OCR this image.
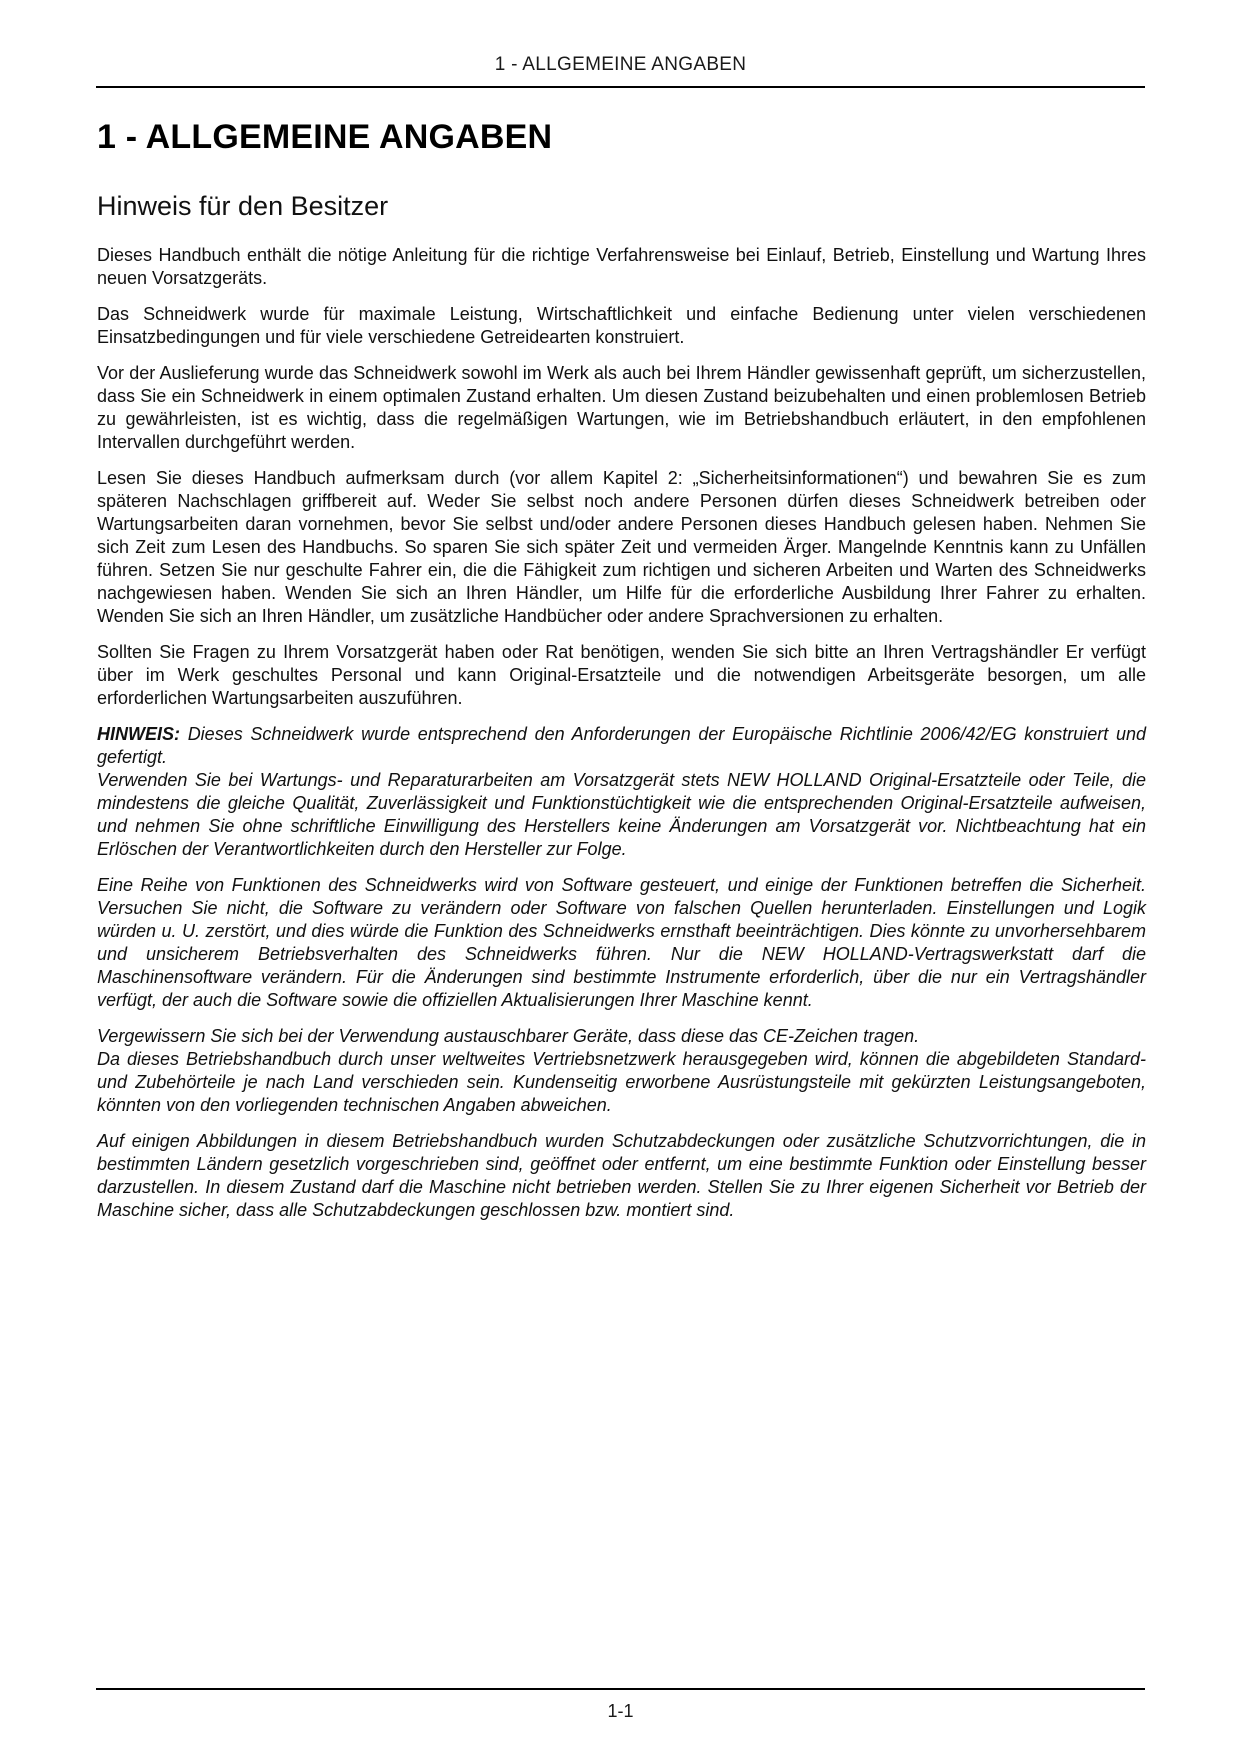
1 - ALLGEMEINE ANGABEN
1 - ALLGEMEINE ANGABEN
Hinweis für den Besitzer

Dieses Handbuch enthält die nötige Anleitung für die richtige Verfahrensweise bei Einlauf, Betrieb, Einstellung und Wartung Ihres neuen Vorsatzgeräts.

Das Schneidwerk wurde für maximale Leistung, Wirtschaftlichkeit und einfache Bedienung unter vielen verschiedenen Einsatzbedingungen und für viele verschiedene Getreidearten konstruiert.

Vor der Auslieferung wurde das Schneidwerk sowohl im Werk als auch bei Ihrem Händler gewissenhaft geprüft, um sicherzustellen, dass Sie ein Schneidwerk in einem optimalen Zustand erhalten. Um diesen Zustand beizubehalten und einen problemlosen Betrieb zu gewährleisten, ist es wichtig, dass die regelmäßigen Wartungen, wie im Betriebshandbuch erläutert, in den empfohlenen Intervallen durchgeführt werden.

Lesen Sie dieses Handbuch aufmerksam durch (vor allem Kapitel 2: „Sicherheitsinformationen“) und bewahren Sie es zum späteren Nachschlagen griffbereit auf. Weder Sie selbst noch andere Personen dürfen dieses Schneidwerk betreiben oder Wartungsarbeiten daran vornehmen, bevor Sie selbst und/oder andere Personen dieses Handbuch gelesen haben. Nehmen Sie sich Zeit zum Lesen des Handbuchs. So sparen Sie sich später Zeit und vermeiden Ärger. Mangelnde Kenntnis kann zu Unfällen führen. Setzen Sie nur geschulte Fahrer ein, die die Fähigkeit zum richtigen und sicheren Arbeiten und Warten des Schneidwerks nachgewiesen haben. Wenden Sie sich an Ihren Händler, um Hilfe für die erforderliche Ausbildung Ihrer Fahrer zu erhalten. Wenden Sie sich an Ihren Händler, um zusätzliche Handbücher oder andere Sprachversionen zu erhalten.

Sollten Sie Fragen zu Ihrem Vorsatzgerät haben oder Rat benötigen, wenden Sie sich bitte an Ihren Vertragshändler Er verfügt über im Werk geschultes Personal und kann Original-Ersatzteile und die notwendigen Arbeitsgeräte besorgen, um alle erforderlichen Wartungsarbeiten auszuführen.

HINWEIS: Dieses Schneidwerk wurde entsprechend den Anforderungen der Europäische Richtlinie 2006/42/EG konstruiert und gefertigt.
Verwenden Sie bei Wartungs- und Reparaturarbeiten am Vorsatzgerät stets NEW HOLLAND Original-Ersatzteile oder Teile, die mindestens die gleiche Qualität, Zuverlässigkeit und Funktionstüchtigkeit wie die entsprechenden Original-Ersatzteile aufweisen, und nehmen Sie ohne schriftliche Einwilligung des Herstellers keine Änderungen am Vorsatzgerät vor. Nichtbeachtung hat ein Erlöschen der Verantwortlichkeiten durch den Hersteller zur Folge.

Eine Reihe von Funktionen des Schneidwerks wird von Software gesteuert, und einige der Funktionen betreffen die Sicherheit. Versuchen Sie nicht, die Software zu verändern oder Software von falschen Quellen herunterladen. Einstellungen und Logik würden u. U. zerstört, und dies würde die Funktion des Schneidwerks ernsthaft beeinträchtigen. Dies könnte zu unvorhersehbarem und unsicherem Betriebsverhalten des Schneidwerks führen. Nur die NEW HOLLAND-Vertragswerkstatt darf die Maschinensoftware verändern. Für die Änderungen sind bestimmte Instrumente erforderlich, über die nur ein Vertragshändler verfügt, der auch die Software sowie die offiziellen Aktualisierungen Ihrer Maschine kennt.

Vergewissern Sie sich bei der Verwendung austauschbarer Geräte, dass diese das CE-Zeichen tragen.
Da dieses Betriebshandbuch durch unser weltweites Vertriebsnetzwerk herausgegeben wird, können die abgebildeten Standard- und Zubehörteile je nach Land verschieden sein. Kundenseitig erworbene Ausrüstungsteile mit gekürzten Leistungsangeboten, könnten von den vorliegenden technischen Angaben abweichen.

Auf einigen Abbildungen in diesem Betriebshandbuch wurden Schutzabdeckungen oder zusätzliche Schutzvorrichtungen, die in bestimmten Ländern gesetzlich vorgeschrieben sind, geöffnet oder entfernt, um eine bestimmte Funktion oder Einstellung besser darzustellen. In diesem Zustand darf die Maschine nicht betrieben werden. Stellen Sie zu Ihrer eigenen Sicherheit vor Betrieb der Maschine sicher, dass alle Schutzabdeckungen geschlossen bzw. montiert sind.

1-1
